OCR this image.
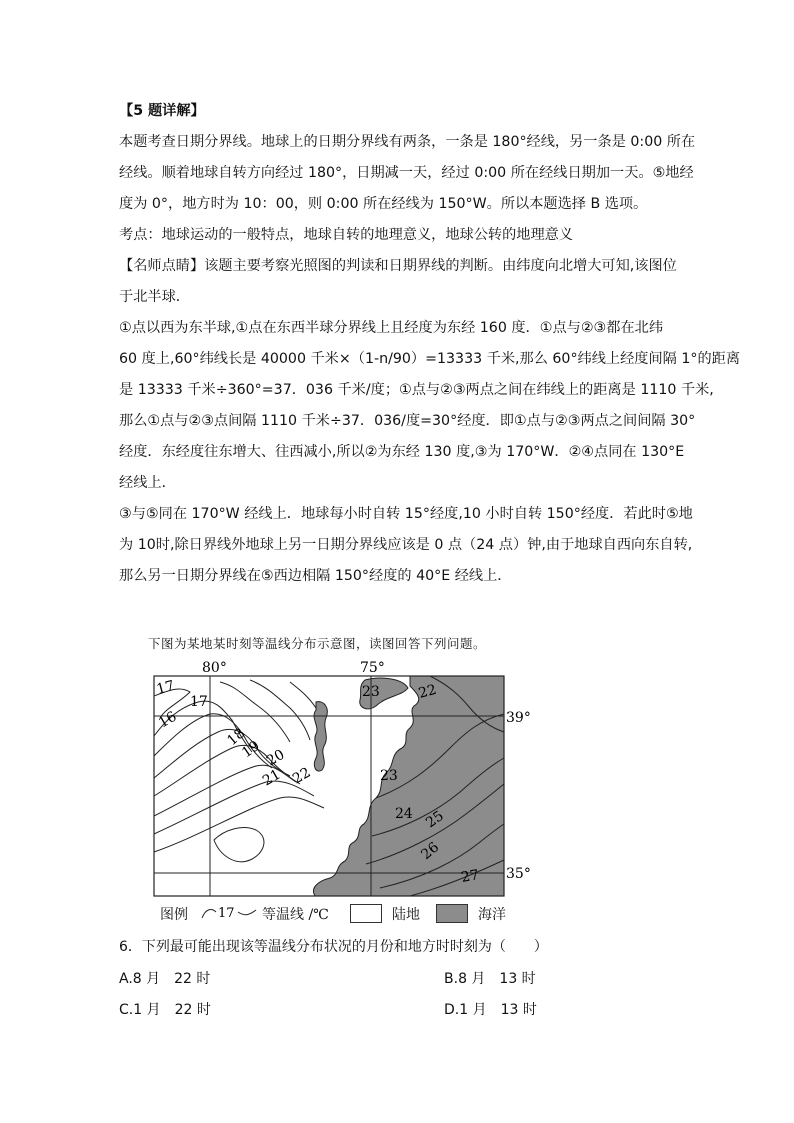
【5 题详解】
本题考查日期分界线。地球上的日期分界线有两条，一条是 180°经线，另一条是 0:00 所在
经线。顺着地球自转方向经过 180°，日期减一天，经过 0:00 所在经线日期加一天。⑤地经
度为 0°，地方时为 10：00，则 0:00 所在经线为 150°W。所以本题选择 B 选项。
考点：地球运动的一般特点，地球自转的地理意义，地球公转的地理意义
【名师点睛】该题主要考察光照图的判读和日期界线的判断。由纬度向北增大可知,该图位
于北半球．
①点以西为东半球,①点在东西半球分界线上且经度为东经 160 度．①点与②③都在北纬
60 度上,60°纬线长是 40000 千米×（1-n/90）=13333 千米,那么 60°纬线上经度间隔 1°的距离
是 13333 千米÷360°=37．036 千米/度；①点与②③两点之间在纬线上的距离是 1110 千米,
那么①点与②③点间隔 1110 千米÷37．036/度=30°经度．即①点与②③两点之间间隔 30°
经度．东经度往东增大、往西减小,所以②为东经 130 度,③为 170°W．②④点同在 130°E
经线上．
③与⑤同在 170°W 经线上．地球每小时自转 15°经度,10 小时自转 150°经度．若此时⑤地
为 10时,除日界线外地球上另一日期分界线应该是 0 点（24 点）钟,由于地球自西向东自转,
那么另一日期分界线在⑤西边相隔 150°经度的 40°E 经线上．
下图为某地某时刻等温线分布示意图，读图回答下列问题。
80°	75°
39°
35°
17
16
17
18
19 20
21 22
23	22
23
24 25
26
27
图例 17 等温线 /℃	陆地	海洋
6．下列最可能出现该等温线分布状况的月份和地方时时刻为（　　）
A.8 月　22 时	B.8 月　13 时
C.1 月　22 时	D.1 月　13 时
